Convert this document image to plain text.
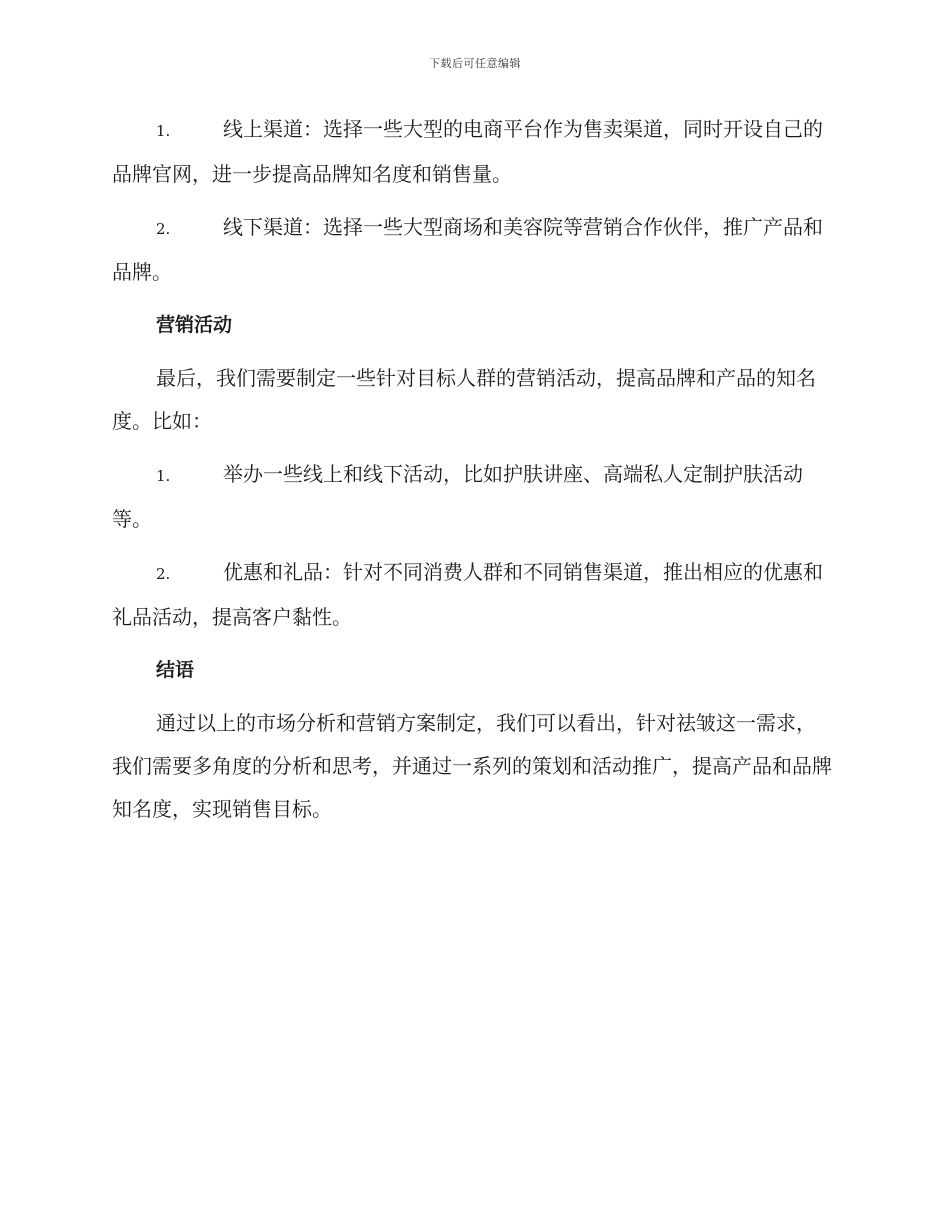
下载后可任意编辑

1.	线上渠道：选择一些大型的电商平台作为售卖渠道，同时开设自己的品牌官网，进一步提高品牌知名度和销售量。

2.	线下渠道：选择一些大型商场和美容院等营销合作伙伴，推广产品和品牌。

营销活动

最后，我们需要制定一些针对目标人群的营销活动，提高品牌和产品的知名度。比如：

1.	举办一些线上和线下活动，比如护肤讲座、高端私人定制护肤活动等。

2.	优惠和礼品：针对不同消费人群和不同销售渠道，推出相应的优惠和礼品活动，提高客户黏性。

结语

通过以上的市场分析和营销方案制定，我们可以看出，针对祛皱这一需求，我们需要多角度的分析和思考，并通过一系列的策划和活动推广，提高产品和品牌知名度，实现销售目标。
